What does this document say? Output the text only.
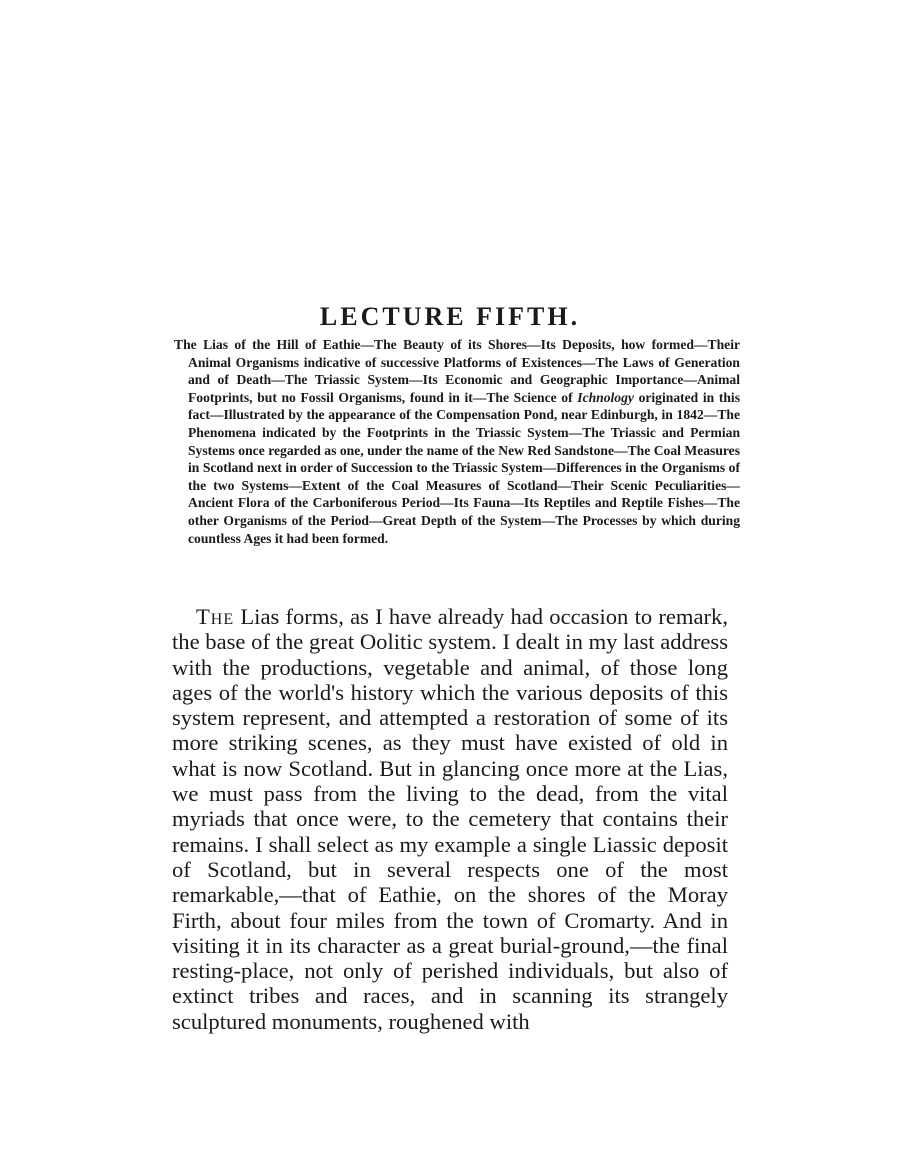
LECTURE FIFTH.

The Lias of the Hill of Eathie—The Beauty of its Shores—Its Deposits, how formed—Their Animal Organisms indicative of successive Platforms of Existences—The Laws of Generation and of Death—The Triassic System—Its Economic and Geographic Importance—Animal Footprints, but no Fossil Organisms, found in it—The Science of Ichnology originated in this fact—Illustrated by the appearance of the Compensation Pond, near Edinburgh, in 1842—The Phenomena indicated by the Footprints in the Triassic System—The Triassic and Permian Systems once regarded as one, under the name of the New Red Sandstone—The Coal Measures in Scotland next in order of Succession to the Triassic System—Differences in the Organisms of the two Systems—Extent of the Coal Measures of Scotland—Their Scenic Peculiarities—Ancient Flora of the Carboniferous Period—Its Fauna—Its Reptiles and Reptile Fishes—The other Organisms of the Period—Great Depth of the System—The Processes by which during countless Ages it had been formed.

The Lias forms, as I have already had occasion to remark, the base of the great Oolitic system. I dealt in my last address with the productions, vegetable and animal, of those long ages of the world's history which the various deposits of this system represent, and attempted a restoration of some of its more striking scenes, as they must have existed of old in what is now Scotland. But in glancing once more at the Lias, we must pass from the living to the dead, from the vital myriads that once were, to the cemetery that contains their remains. I shall select as my example a single Liassic deposit of Scotland, but in several respects one of the most remarkable,—that of Eathie, on the shores of the Moray Firth, about four miles from the town of Cromarty. And in visiting it in its character as a great burial-ground,—the final resting-place, not only of perished individuals, but also of extinct tribes and races, and in scanning its strangely sculptured monuments, roughened with
